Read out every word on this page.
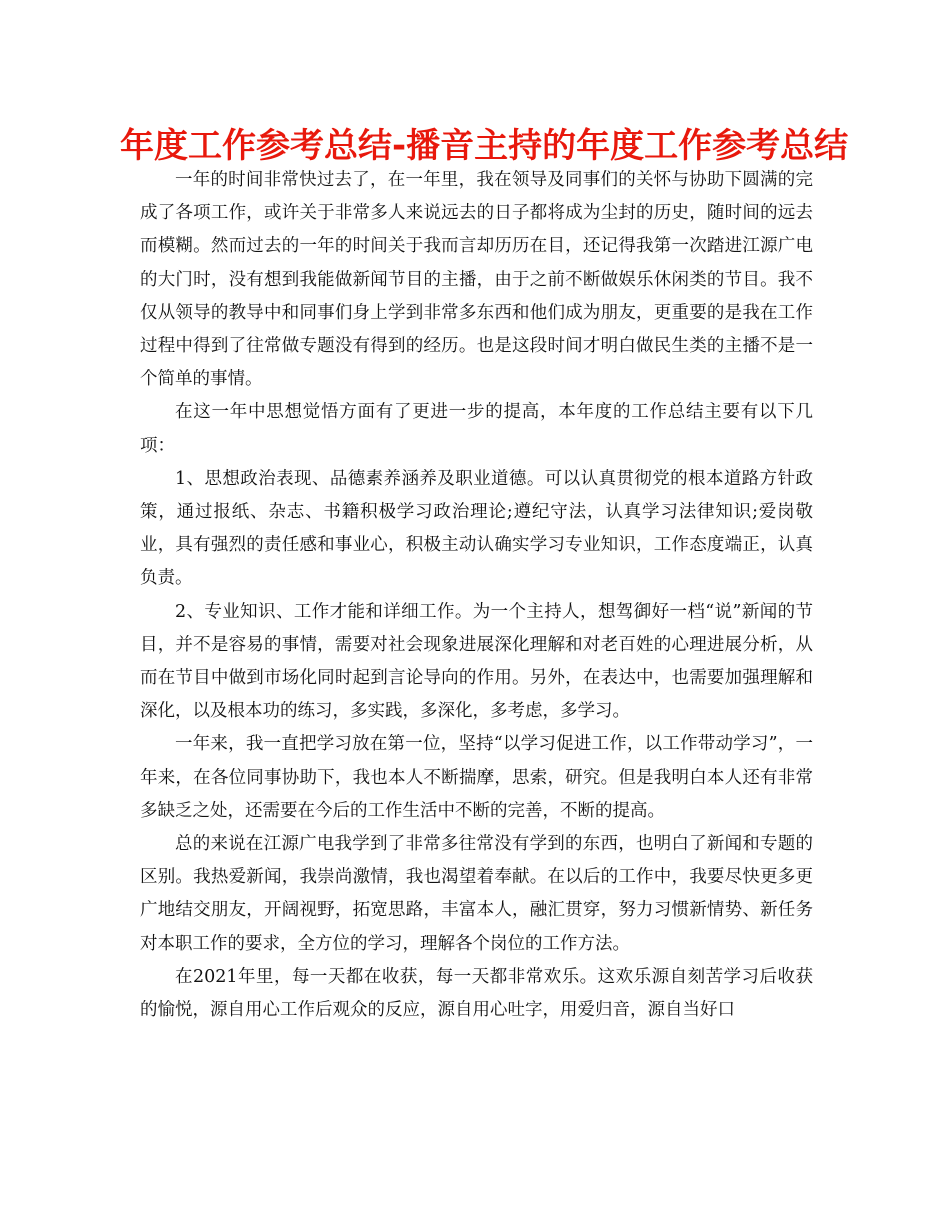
年度工作参考总结-播音主持的年度工作参考总结

一年的时间非常快过去了，在一年里，我在领导及同事们的关怀与协助下圆满的完成了各项工作，或许关于非常多人来说远去的日子都将成为尘封的历史，随时间的远去而模糊。然而过去的一年的时间关于我而言却历历在目，还记得我第一次踏进江源广电的大门时，没有想到我能做新闻节目的主播，由于之前不断做娱乐休闲类的节目。我不仅从领导的教导中和同事们身上学到非常多东西和他们成为朋友，更重要的是我在工作过程中得到了往常做专题没有得到的经历。也是这段时间才明白做民生类的主播不是一个简单的事情。

在这一年中思想觉悟方面有了更进一步的提高，本年度的工作总结主要有以下几项：

1、思想政治表现、品德素养涵养及职业道德。可以认真贯彻党的根本道路方针政策，通过报纸、杂志、书籍积极学习政治理论;遵纪守法，认真学习法律知识;爱岗敬业，具有强烈的责任感和事业心，积极主动认确实学习专业知识，工作态度端正，认真负责。

2、专业知识、工作才能和详细工作。为一个主持人，想驾御好一档“说”新闻的节目，并不是容易的事情，需要对社会现象进展深化理解和对老百姓的心理进展分析，从而在节目中做到市场化同时起到言论导向的作用。另外，在表达中，也需要加强理解和深化，以及根本功的练习，多实践，多深化，多考虑，多学习。

一年来，我一直把学习放在第一位，坚持“以学习促进工作，以工作带动学习”，一年来，在各位同事协助下，我也本人不断揣摩，思索，研究。但是我明白本人还有非常多缺乏之处，还需要在今后的工作生活中不断的完善，不断的提高。

总的来说在江源广电我学到了非常多往常没有学到的东西，也明白了新闻和专题的区别。我热爱新闻，我崇尚激情，我也渴望着奉献。在以后的工作中，我要尽快更多更广地结交朋友，开阔视野，拓宽思路，丰富本人，融汇贯穿，努力习惯新情势、新任务对本职工作的要求，全方位的学习，理解各个岗位的工作方法。

在2021年里，每一天都在收获，每一天都非常欢乐。这欢乐源自刻苦学习后收获的愉悦，源自用心工作后观众的反应，源自用心吐字，用爱归音，源自当好口
